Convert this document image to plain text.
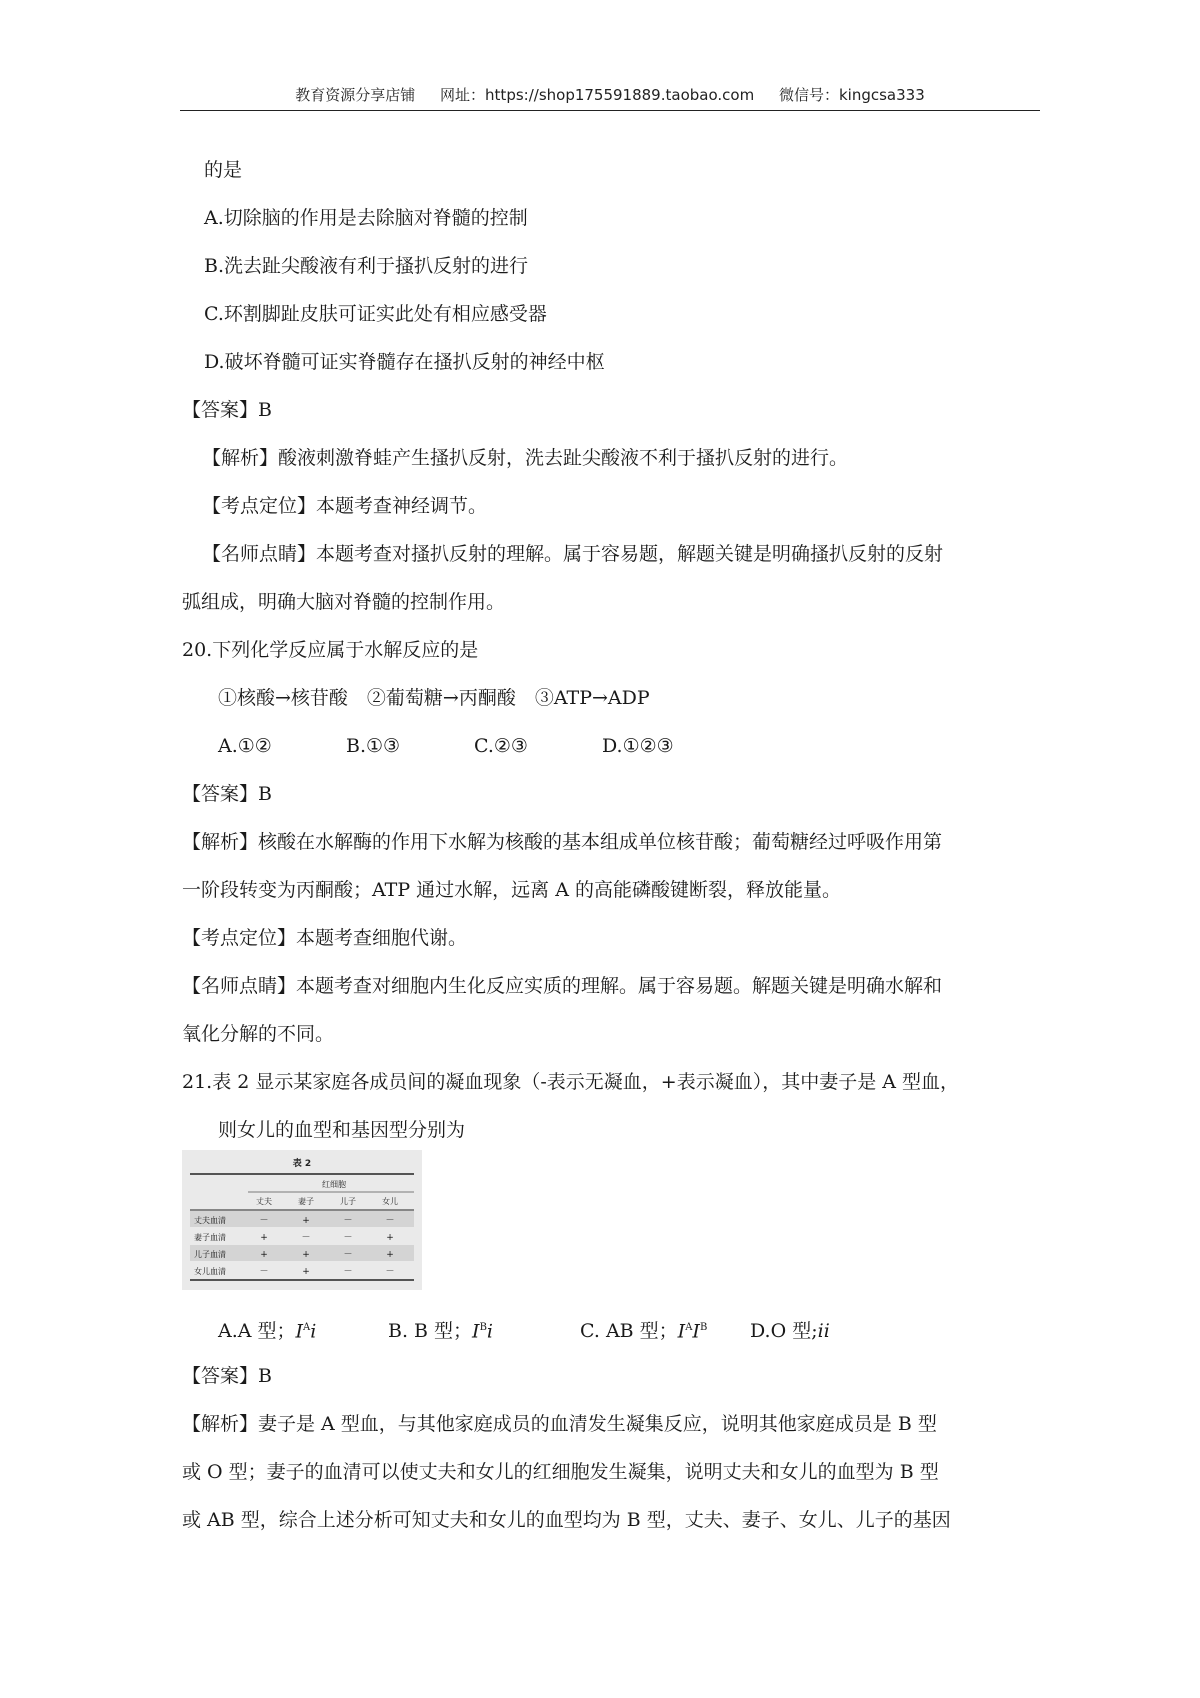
教育资源分享店铺 网址：https://shop175591889.taobao.com 微信号：kingcsa333
的是
A.切除脑的作用是去除脑对脊髓的控制
B.洗去趾尖酸液有利于搔扒反射的进行
C.环割脚趾皮肤可证实此处有相应感受器
D.破坏脊髓可证实脊髓存在搔扒反射的神经中枢
【答案】B
【解析】酸液刺激脊蛙产生搔扒反射，洗去趾尖酸液不利于搔扒反射的进行。
【考点定位】本题考查神经调节。
【名师点睛】本题考查对搔扒反射的理解。属于容易题，解题关键是明确搔扒反射的反射
弧组成，明确大脑对脊髓的控制作用。
20.下列化学反应属于水解反应的是
①核酸→核苷酸　②葡萄糖→丙酮酸　③ATP→ADP
A.①②	B.①③	C.②③	D.①②③
【答案】B
【解析】核酸在水解酶的作用下水解为核酸的基本组成单位核苷酸；葡萄糖经过呼吸作用第
一阶段转变为丙酮酸；ATP 通过水解，远离 A 的高能磷酸键断裂，释放能量。
【考点定位】本题考查细胞代谢。
【名师点睛】本题考查对细胞内生化反应实质的理解。属于容易题。解题关键是明确水解和
氧化分解的不同。
21.表 2 显示某家庭各成员间的凝血现象（-表示无凝血，+表示凝血），其中妻子是 A 型血，
则女儿的血型和基因型分别为
表 2
红细胞
丈夫	妻子	儿子	女儿
丈夫血清	－	+	－	－
妻子血清	+	－	－	+
儿子血清	+	+	－	+
女儿血清	－	+	－	－
A.A 型；$I^Ai$	B. B 型；$I^Bi$	C. AB 型；$I^AI^B$ D.O 型;ii
【答案】B
【解析】妻子是 A 型血，与其他家庭成员的血清发生凝集反应，说明其他家庭成员是 B 型
或 O 型；妻子的血清可以使丈夫和女儿的红细胞发生凝集，说明丈夫和女儿的血型为 B 型
或 AB 型，综合上述分析可知丈夫和女儿的血型均为 B 型，丈夫、妻子、女儿、儿子的基因
